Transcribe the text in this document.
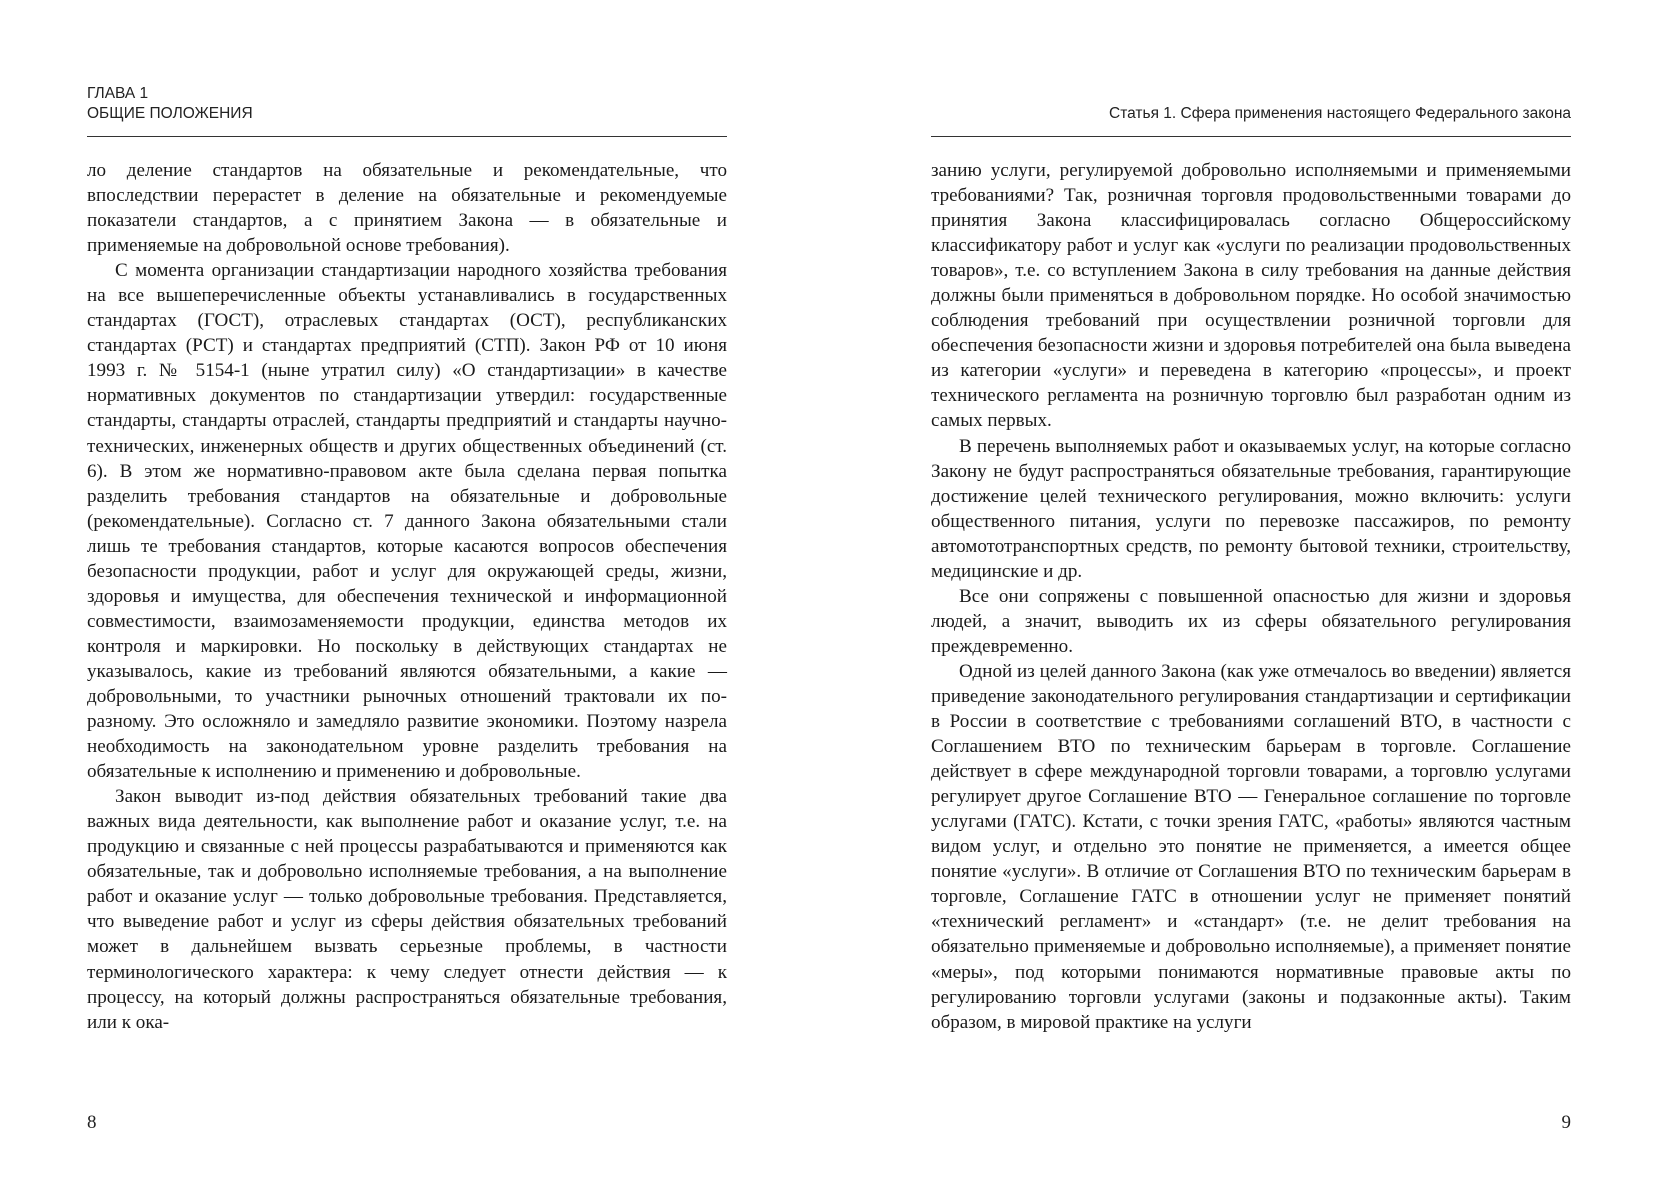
ГЛАВА 1
ОБЩИЕ ПОЛОЖЕНИЯ

ло деление стандартов на обязательные и рекомендательные, что впоследствии перерастет в деление на обязательные и рекомендуемые показатели стандартов, а с принятием Закона — в обязательные и применяемые на добровольной основе требования).

С момента организации стандартизации народного хозяйства требования на все вышеперечисленные объекты устанавливались в государственных стандартах (ГОСТ), отраслевых стандартах (ОСТ), республиканских стандартах (РСТ) и стандартах предприятий (СТП). Закон РФ от 10 июня 1993 г. № 5154-1 (ныне утратил силу) «О стандартизации» в качестве нормативных документов по стандартизации утвердил: государственные стандарты, стандарты отраслей, стандарты предприятий и стандарты научно-технических, инженерных обществ и других общественных объединений (ст. 6). В этом же нормативно-правовом акте была сделана первая попытка разделить требования стандартов на обязательные и добровольные (рекомендательные). Согласно ст. 7 данного Закона обязательными стали лишь те требования стандартов, которые касаются вопросов обеспечения безопасности продукции, работ и услуг для окружающей среды, жизни, здоровья и имущества, для обеспечения технической и информационной совместимости, взаимозаменяемости продукции, единства методов их контроля и маркировки. Но поскольку в действующих стандартах не указывалось, какие из требований являются обязательными, а какие — добровольными, то участники рыночных отношений трактовали их по-разному. Это осложняло и замедляло развитие экономики. Поэтому назрела необходимость на законодательном уровне разделить требования на обязательные к исполнению и применению и добровольные.

Закон выводит из-под действия обязательных требований такие два важных вида деятельности, как выполнение работ и оказание услуг, т.е. на продукцию и связанные с ней процессы разрабатываются и применяются как обязательные, так и добровольно исполняемые требования, а на выполнение работ и оказание услуг — только добровольные требования. Представляется, что выведение работ и услуг из сферы действия обязательных требований может в дальнейшем вызвать серьезные проблемы, в частности терминологического характера: к чему следует отнести действия — к процессу, на который должны распространяться обязательные требования, или к ока-

8
Статья 1. Сфера применения настоящего Федерального закона

занию услуги, регулируемой добровольно исполняемыми и применяемыми требованиями? Так, розничная торговля продовольственными товарами до принятия Закона классифицировалась согласно Общероссийскому классификатору работ и услуг как «услуги по реализации продовольственных товаров», т.е. со вступлением Закона в силу требования на данные действия должны были применяться в добровольном порядке. Но особой значимостью соблюдения требований при осуществлении розничной торговли для обеспечения безопасности жизни и здоровья потребителей она была выведена из категории «услуги» и переведена в категорию «процессы», и проект технического регламента на розничную торговлю был разработан одним из самых первых.

В перечень выполняемых работ и оказываемых услуг, на которые согласно Закону не будут распространяться обязательные требования, гарантирующие достижение целей технического регулирования, можно включить: услуги общественного питания, услуги по перевозке пассажиров, по ремонту автомототранспортных средств, по ремонту бытовой техники, строительству, медицинские и др.

Все они сопряжены с повышенной опасностью для жизни и здоровья людей, а значит, выводить их из сферы обязательного регулирования преждевременно.

Одной из целей данного Закона (как уже отмечалось во введении) является приведение законодательного регулирования стандартизации и сертификации в России в соответствие с требованиями соглашений ВТО, в частности с Соглашением ВТО по техническим барьерам в торговле. Соглашение действует в сфере международной торговли товарами, а торговлю услугами регулирует другое Соглашение ВТО — Генеральное соглашение по торговле услугами (ГАТС). Кстати, с точки зрения ГАТС, «работы» являются частным видом услуг, и отдельно это понятие не применяется, а имеется общее понятие «услуги». В отличие от Соглашения ВТО по техническим барьерам в торговле, Соглашение ГАТС в отношении услуг не применяет понятий «технический регламент» и «стандарт» (т.е. не делит требования на обязательно применяемые и добровольно исполняемые), а применяет понятие «меры», под которыми понимаются нормативные правовые акты по регулированию торговли услугами (законы и подзаконные акты). Таким образом, в мировой практике на услуги

9
